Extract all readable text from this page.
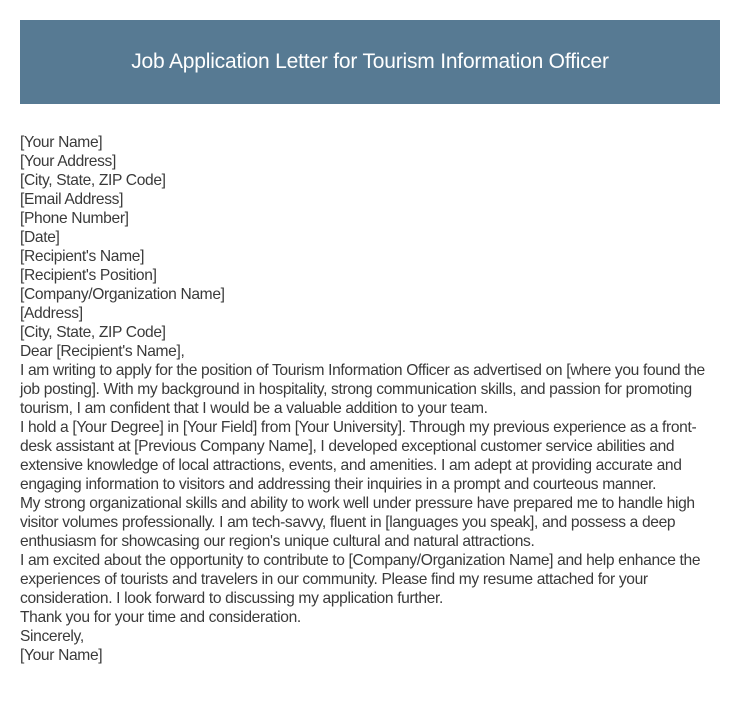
Job Application Letter for Tourism Information Officer

[Your Name]

[Your Address]

[City, State, ZIP Code]

[Email Address]

[Phone Number]

[Date]

[Recipient's Name]

[Recipient's Position]

[Company/Organization Name]

[Address]

[City, State, ZIP Code]

Dear [Recipient's Name],

I am writing to apply for the position of Tourism Information Officer as advertised on [where you found the job posting]. With my background in hospitality, strong communication skills, and passion for promoting tourism, I am confident that I would be a valuable addition to your team.

I hold a [Your Degree] in [Your Field] from [Your University]. Through my previous experience as a front-desk assistant at [Previous Company Name], I developed exceptional customer service abilities and extensive knowledge of local attractions, events, and amenities. I am adept at providing accurate and engaging information to visitors and addressing their inquiries in a prompt and courteous manner.

My strong organizational skills and ability to work well under pressure have prepared me to handle high visitor volumes professionally. I am tech-savvy, fluent in [languages you speak], and possess a deep enthusiasm for showcasing our region's unique cultural and natural attractions.

I am excited about the opportunity to contribute to [Company/Organization Name] and help enhance the experiences of tourists and travelers in our community. Please find my resume attached for your consideration. I look forward to discussing my application further.

Thank you for your time and consideration.

Sincerely,

[Your Name]
